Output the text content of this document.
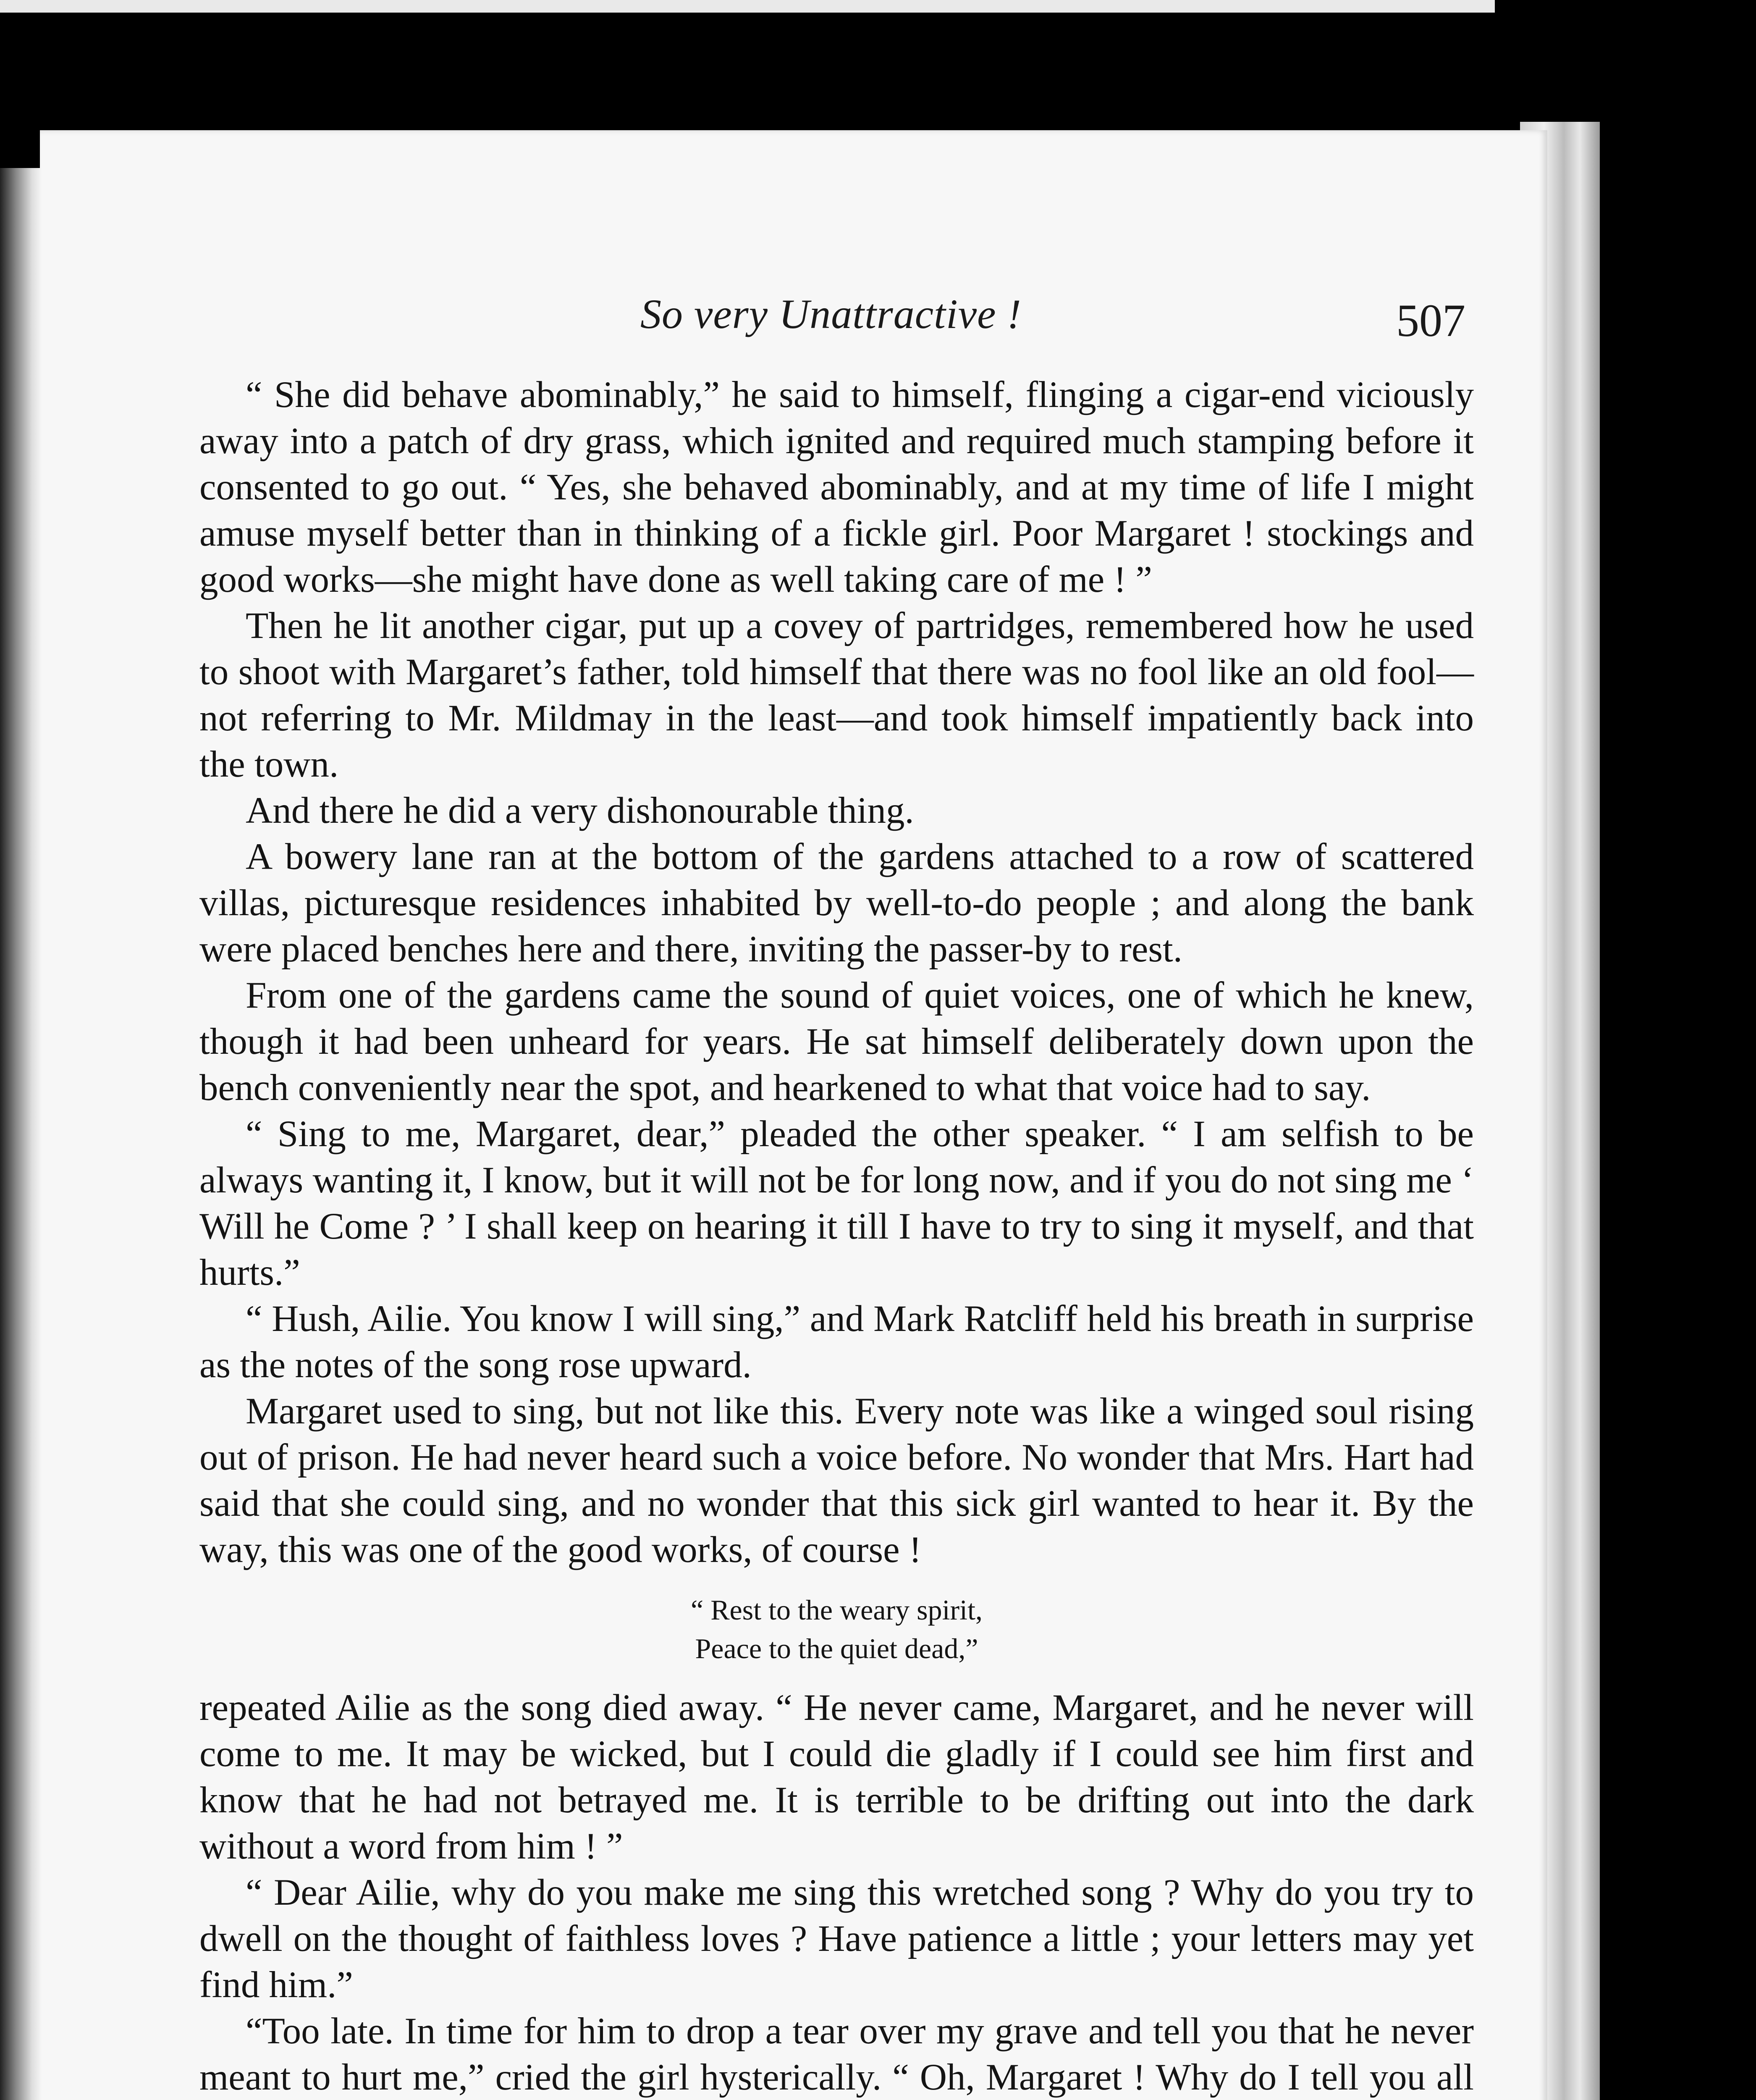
So very Unattractive !	507

“ She did behave abominably,” he said to himself, flinging a cigar-end viciously away into a patch of dry grass, which ignited and required much stamping before it consented to go out. “ Yes, she behaved abominably, and at my time of life I might amuse myself better than in thinking of a fickle girl. Poor Margaret ! stockings and good works—she might have done as well taking care of me ! ”

Then he lit another cigar, put up a covey of partridges, remembered how he used to shoot with Margaret’s father, told himself that there was no fool like an old fool—not referring to Mr. Mildmay in the least—and took himself impatiently back into the town.

And there he did a very dishonourable thing.

A bowery lane ran at the bottom of the gardens attached to a row of scattered villas, picturesque residences inhabited by well-to-do people ; and along the bank were placed benches here and there, inviting the passer-by to rest.

From one of the gardens came the sound of quiet voices, one of which he knew, though it had been unheard for years. He sat himself deliberately down upon the bench conveniently near the spot, and hearkened to what that voice had to say.

“ Sing to me, Margaret, dear,” pleaded the other speaker. “ I am selfish to be always wanting it, I know, but it will not be for long now, and if you do not sing me ‘ Will he Come ? ’ I shall keep on hearing it till I have to try to sing it myself, and that hurts.”

“ Hush, Ailie. You know I will sing,” and Mark Ratcliff held his breath in surprise as the notes of the song rose upward.

Margaret used to sing, but not like this. Every note was like a winged soul rising out of prison. He had never heard such a voice before. No wonder that Mrs. Hart had said that she could sing, and no wonder that this sick girl wanted to hear it. By the way, this was one of the good works, of course !

“ Rest to the weary spirit,
Peace to the quiet dead,”

repeated Ailie as the song died away. “ He never came, Margaret, and he never will come to me. It may be wicked, but I could die gladly if I could see him first and know that he had not betrayed me. It is terrible to be drifting out into the dark without a word from him ! ”

“ Dear Ailie, why do you make me sing this wretched song ? Why do you try to dwell on the thought of faithless loves ? Have patience a little ; your letters may yet find him.”

“Too late. In time for him to drop a tear over my grave and tell you that he never meant to hurt me,” cried the girl hysterically. “ Oh, Margaret ! Why do I tell you all
